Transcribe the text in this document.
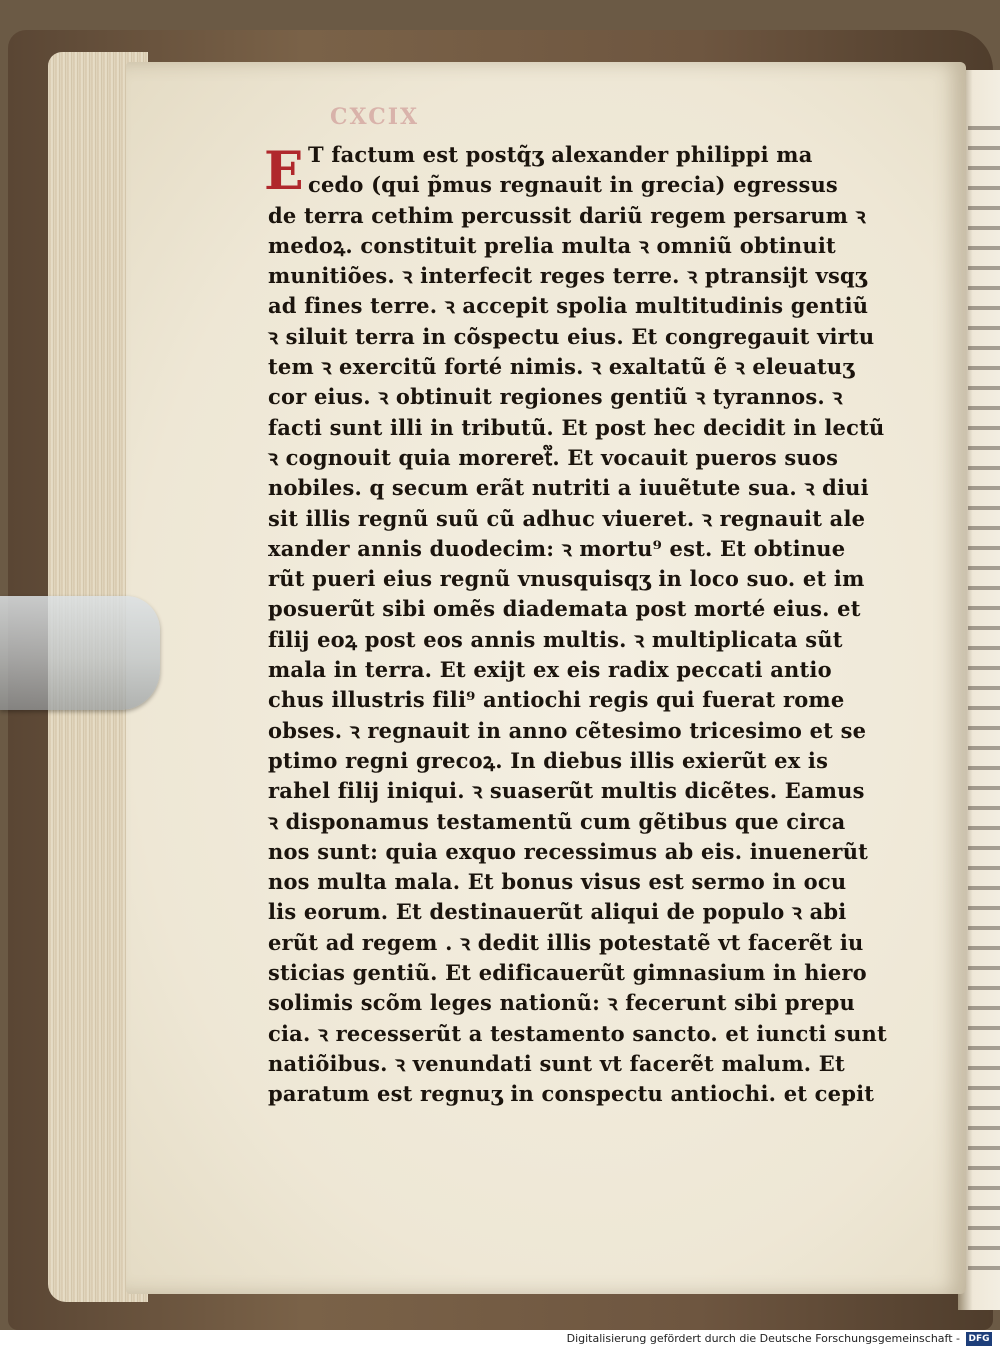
CXCIX
E T factum est postq̃ʒ alexander philippi ma
cedo (qui p̃mus regnauit in grecia) egressus
de terra cethim percussit dariũ regem persarum ꝛ
medoꝝ. constituit prelia multa ꝛ omniũ obtinuit
munitiões. ꝛ interfecit reges terre. ꝛ ptransijt vsqʒ
ad fines terre. ꝛ accepit spolia multitudinis gentiũ
ꝛ siluit terra in cõspectu eius. Et congregauit virtu
tem ꝛ exercitũ forté nimis. ꝛ exaltatũ ẽ ꝛ eleuatuʒ
cor eius. ꝛ obtinuit regiones gentiũ ꝛ tyrannos. ꝛ
facti sunt illi in tributũ. Et post hec decidit in lectũ
ꝛ cognouit quia moreret᷑. Et vocauit pueros suos
nobiles. q secum erãt nutriti a iuuẽtute sua. ꝛ diui
sit illis regnũ suũ cũ adhuc viueret. ꝛ regnauit ale
xander annis duodecim: ꝛ mortu⁹ est. Et obtinue
rũt pueri eius regnũ vnusquisqʒ in loco suo. et im
posuerũt sibi omẽs diademata post morté eius. et
filij eoꝝ post eos annis multis. ꝛ multiplicata sũt
mala in terra. Et exijt ex eis radix peccati antio
chus illustris fili⁹ antiochi regis qui fuerat rome
obses. ꝛ regnauit in anno cẽtesimo tricesimo et se
ptimo regni grecoꝝ. In diebus illis exierũt ex is
rahel filij iniqui. ꝛ suaserũt multis dicẽtes. Eamus
ꝛ disponamus testamentũ cum gẽtibus que circa
nos sunt: quia exquo recessimus ab eis. inuenerũt
nos multa mala. Et bonus visus est sermo in ocu
lis eorum. Et destinauerũt aliqui de populo ꝛ abi
erũt ad regem . ꝛ dedit illis potestatẽ vt facerẽt iu
sticias gentiũ. Et edificauerũt gimnasium in hiero
solimis scõm leges nationũ: ꝛ fecerunt sibi prepu
cia. ꝛ recesserũt a testamento sancto. et iuncti sunt
natiõibus. ꝛ venundati sunt vt facerẽt malum. Et
paratum est regnuʒ in conspectu antiochi. et cepit
Digitalisierung gefördert durch die Deutsche Forschungsgemeinschaft - DFG
